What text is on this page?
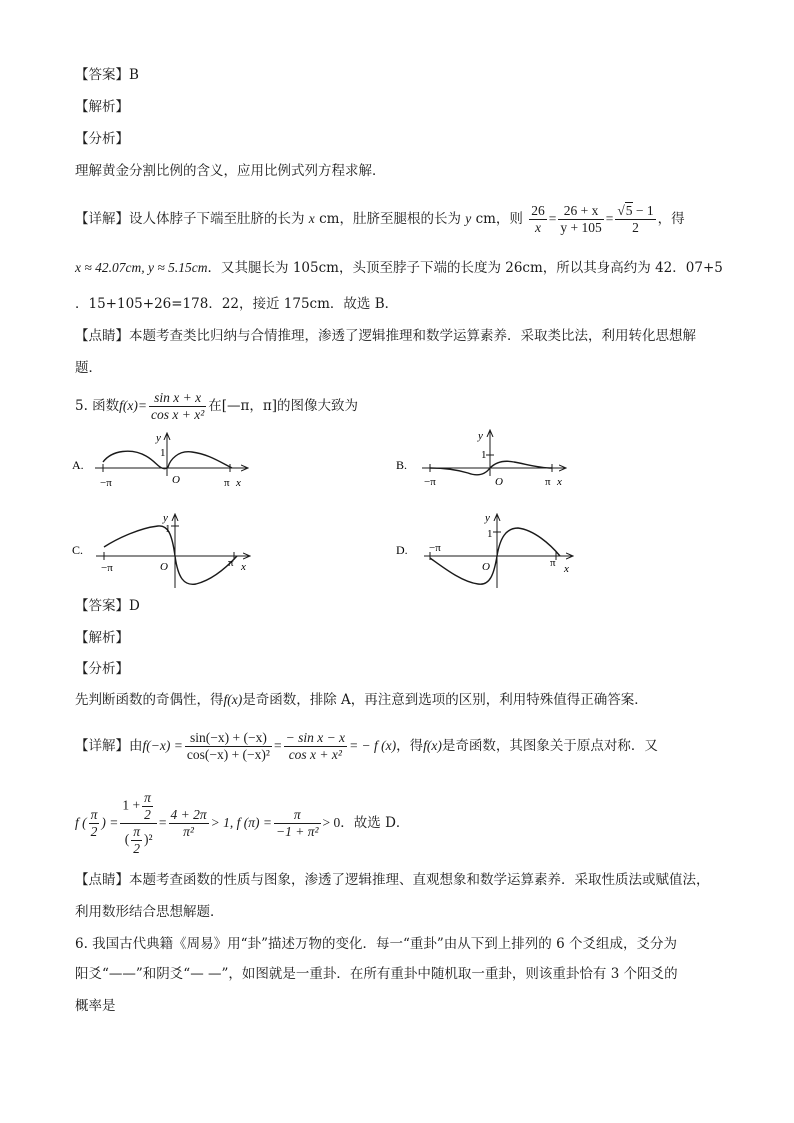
【答案】B
【解析】
【分析】
理解黄金分割比例的含义，应用比例式列方程求解．
【详解】设人体脖子下端至肚脐的长为 x cm，肚脐至腿根的长为 y cm，则 $\frac{26}{x} = \frac{26 + x}{y + 105} = \frac{√5 - 1}{2}$ ，得
x ≈ 42.07cm, y ≈ 5.15cm．又其腿长为 105cm，头顶至脖子下端的长度为 26cm，所以其身高约为 42．07+5
．15+105+26=178．22，接近 175cm．故选 B．
【点睛】本题考查类比归纳与合情推理，渗透了逻辑推理和数学运算素养．采取类比法，利用转化思想解
题．
5. 函数$f(x)= \frac{\text{sin x + x}}{\text{cos x + x²}}$ 在[—π，π]的图像大致为
A.
y
1
O
−π	π x
B.
y
1
O
−π	π x
C.
y
1
O
−π	π x
D.
y
1
O
−π
π x
【答案】D
【解析】
【分析】
先判断函数的奇偶性，得f(x)是奇函数，排除 A，再注意到选项的区别，利用特殊值得正确答案．
【详解】由$f(-x) = \frac{\sin(-x) + (-x)}{\text{cos(−x) + (−x)²}} = \frac{\text{− sin x − x}}{\text{cos x + x²}}$ = − f (x)，得f(x)是奇函数，其图象关于原点对称．又
f ( $\frac{\pi}{2}$ ) = $\frac{1 + \frac{\pi}{2}}{( \frac{\pi}{2} )^2} = \frac{4 + 2\pi}{\text{π²}} > 1$, f $(\pi) = \frac{\pi}{\text{−1 + π²}} > 0$．故选 D．
【点睛】本题考查函数的性质与图象，渗透了逻辑推理、直观想象和数学运算素养．采取性质法或赋值法，
利用数形结合思想解题．
6. 我国古代典籍《周易》用“卦”描述万物的变化．每一“重卦”由从下到上排列的 6 个爻组成，爻分为
阳爻“——”和阴爻“— —”，如图就是一重卦．在所有重卦中随机取一重卦，则该重卦恰有 3 个阳爻的
概率是
